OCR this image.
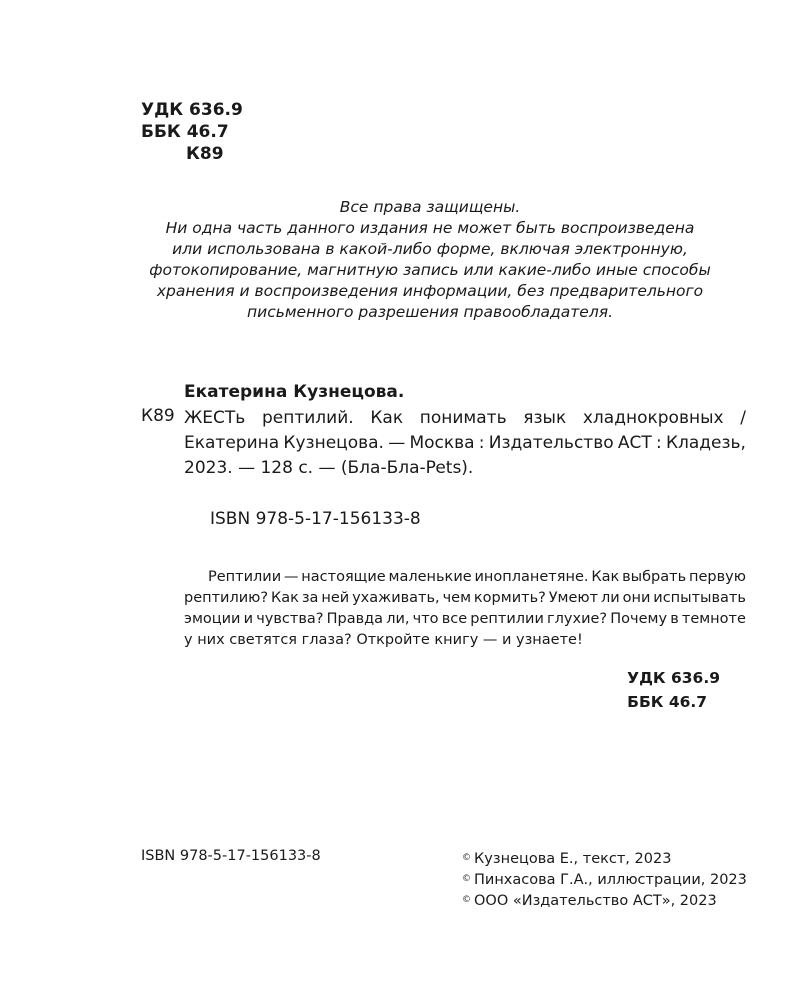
УДК 636.9
ББК 46.7
К89
Все права защищены.
Ни одна часть данного издания не может быть воспроизведена
или использована в какой-либо форме, включая электронную,
фотокопирование, магнитную запись или какие-либо иные способы
хранения и воспроизведения информации, без предварительного
письменного разрешения правообладателя.
Екатерина Кузнецова.
К89 ЖЕСТь рептилий. Как понимать язык хладнокровных /
Екатерина Кузнецова. — Москва : Издательство АСТ : Кладезь,
2023. — 128 с. — (Бла-Бла-Pets).
ISBN 978-5-17-156133-8
Рептилии — настоящие маленькие инопланетяне. Как выбрать первую
рептилию? Как за ней ухаживать, чем кормить? Умеют ли они испытывать
эмоции и чувства? Правда ли, что все рептилии глухие? Почему в темноте
у них светятся глаза? Откройте книгу — и узнаете!
УДК 636.9
ББК 46.7
ISBN 978-5-17-156133-8	© Кузнецова Е., текст, 2023
© Пинхасова Г.А., иллюстрации, 2023
© ООО «Издательство АСТ», 2023
